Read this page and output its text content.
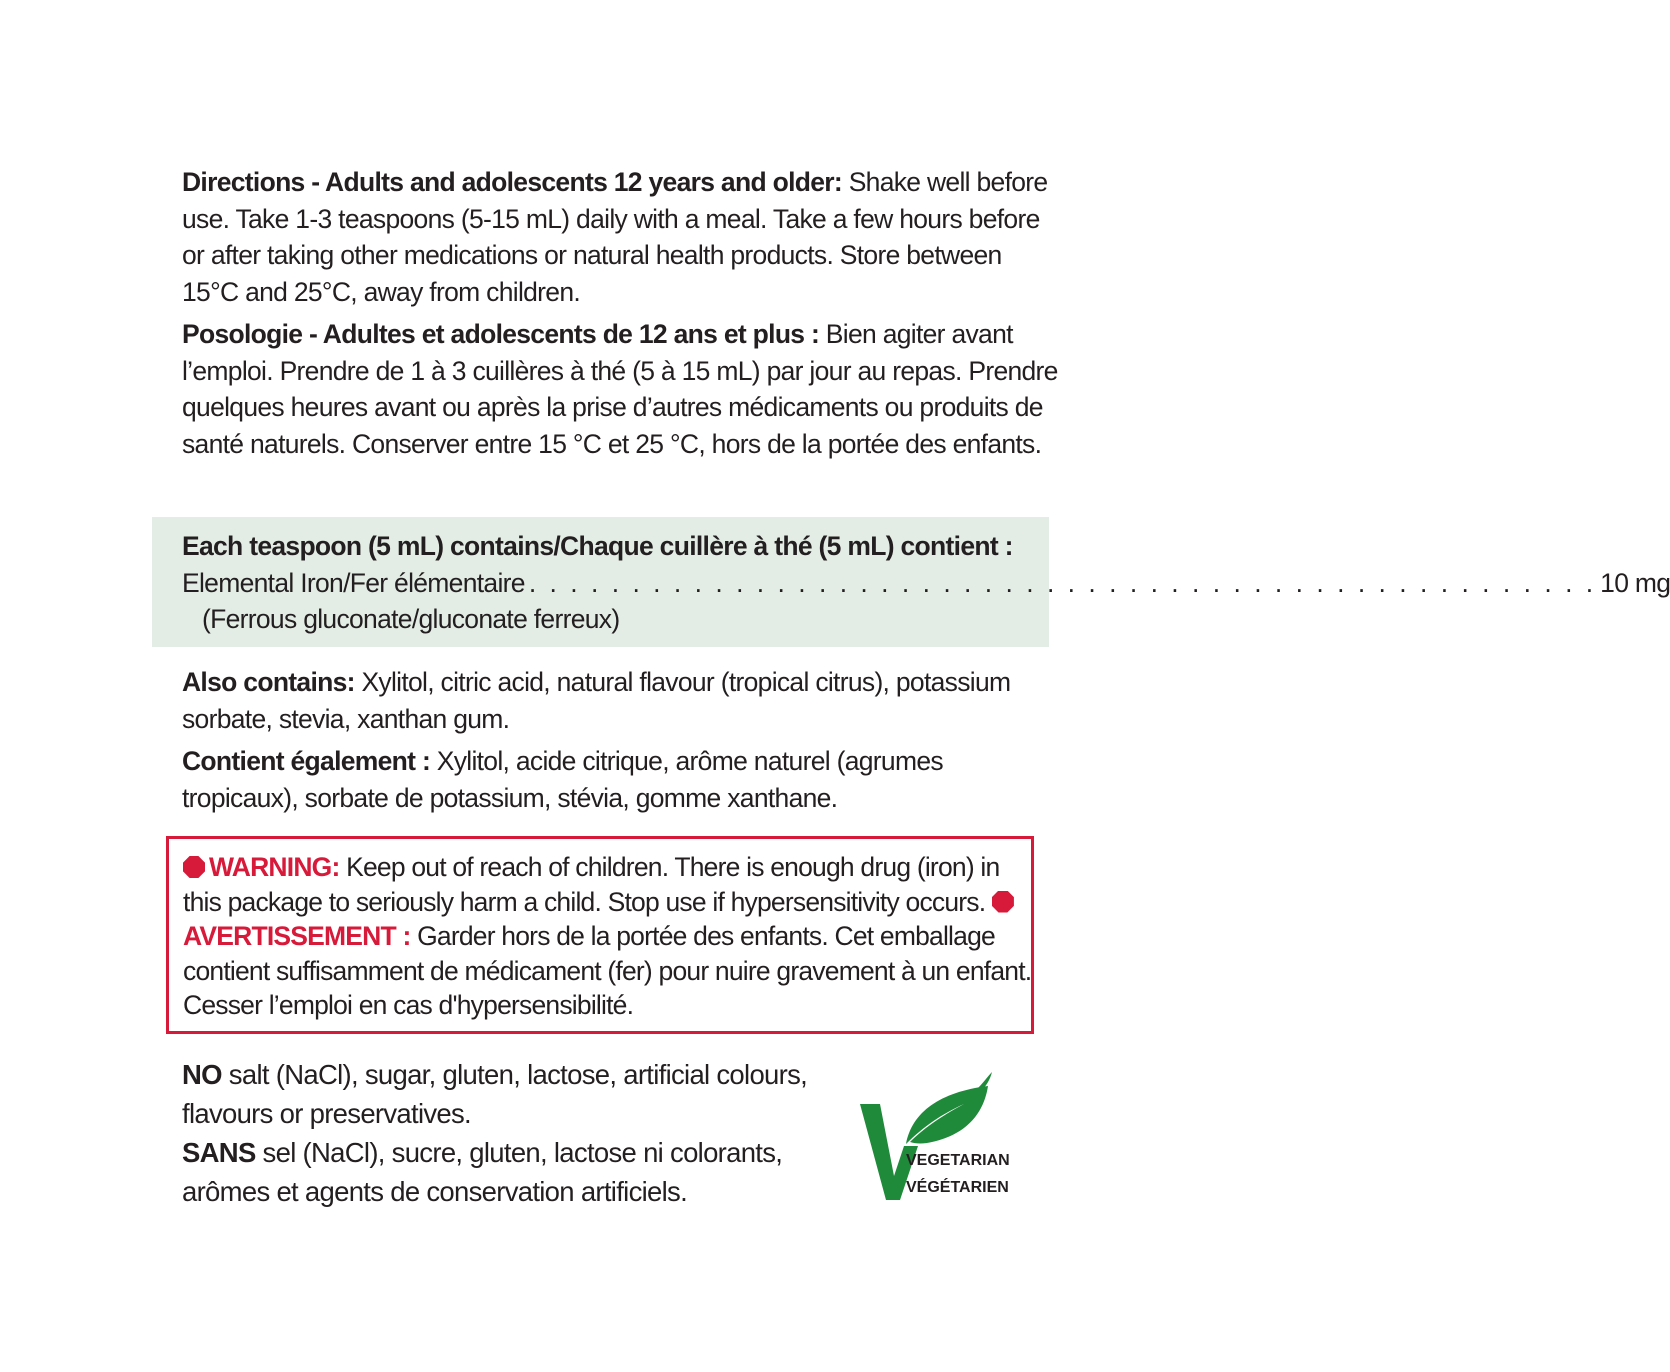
Directions - Adults and adolescents 12 years and older: Shake well before use. Take 1-3 teaspoons (5-15 mL) daily with a meal. Take a few hours before or after taking other medications or natural health products. Store between 15°C and 25°C, away from children.
Posologie - Adultes et adolescents de 12 ans et plus : Bien agiter avant l’emploi. Prendre de 1 à 3 cuillères à thé (5 à 15 mL) par jour au repas. Prendre quelques heures avant ou après la prise d’autres médicaments ou produits de santé naturels. Conserver entre 15 °C et 25 °C, hors de la portée des enfants.
Each teaspoon (5 mL) contains/Chaque cuillère à thé (5 mL) contient :
Elemental Iron/Fer élémentaire . . . . . . . . . . . . . . . . . . . . . . . . . . . . . . . . . . . . . . . . . . . . . . . . . . . . 10 mg
(Ferrous gluconate/gluconate ferreux)
Also contains: Xylitol, citric acid, natural flavour (tropical citrus), potassium sorbate, stevia, xanthan gum.
Contient également : Xylitol, acide citrique, arôme naturel (agrumes tropicaux), sorbate de potassium, stévia, gomme xanthane.
WARNING: Keep out of reach of children. There is enough drug (iron) in this package to seriously harm a child. Stop use if hypersensitivity occurs. AVERTISSEMENT : Garder hors de la portée des enfants. Cet emballage contient suffisamment de médicament (fer) pour nuire gravement à un enfant. Cesser l’emploi en cas d'hypersensibilité.
NO salt (NaCl), sugar, gluten, lactose, artificial colours, flavours or preservatives.
SANS sel (NaCl), sucre, gluten, lactose ni colorants, arômes et agents de conservation artificiels.
VEGETARIAN
VÉGÉTARIEN
